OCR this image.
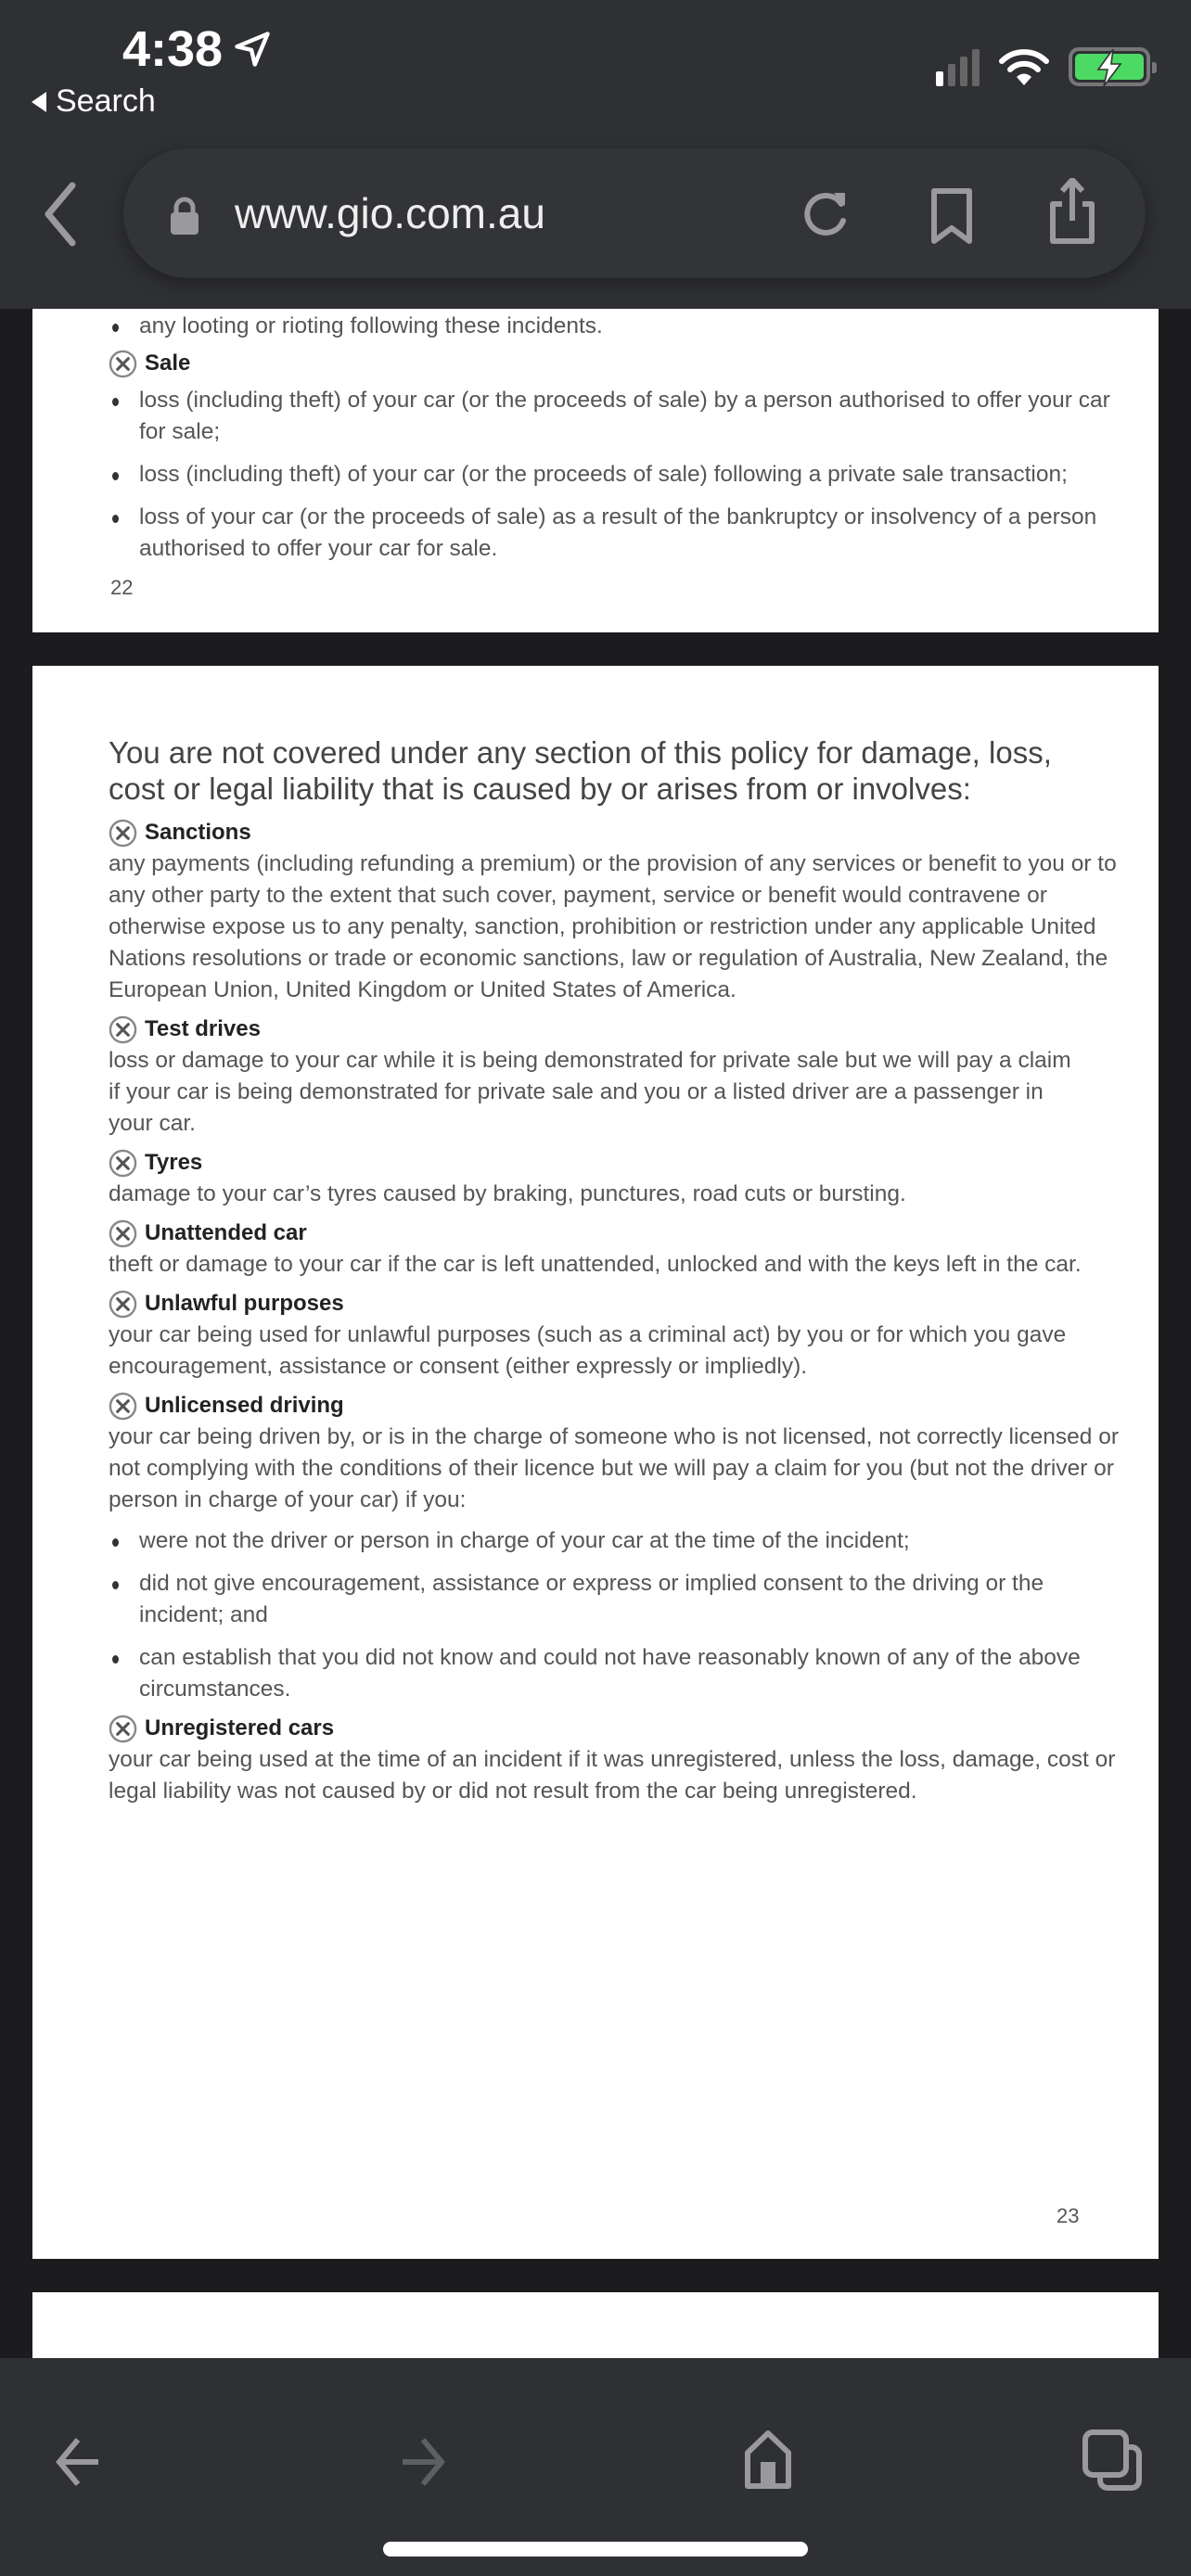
4:38
Search
www.gio.com.au
any looting or rioting following these incidents.
Sale
loss (including theft) of your car (or the proceeds of sale) by a person authorised to offer your car for sale;
loss (including theft) of your car (or the proceeds of sale) following a private sale transaction;
loss of your car (or the proceeds of sale) as a result of the bankruptcy or insolvency of a person authorised to offer your car for sale.
22
You are not covered under any section of this policy for damage, loss, cost or legal liability that is caused by or arises from or involves:
Sanctions

any payments (including refunding a premium) or the provision of any services or benefit to you or to any other party to the extent that such cover, payment, service or benefit would contravene or otherwise expose us to any penalty, sanction, prohibition or restriction under any applicable United Nations resolutions or trade or economic sanctions, law or regulation of Australia, New Zealand, the European Union, United Kingdom or United States of America.

Test drives

loss or damage to your car while it is being demonstrated for private sale but we will pay a claim if your car is being demonstrated for private sale and you or a listed driver are a passenger in your car.

Tyres

damage to your car’s tyres caused by braking, punctures, road cuts or bursting.

Unattended car

theft or damage to your car if the car is left unattended, unlocked and with the keys left in the car.

Unlawful purposes

your car being used for unlawful purposes (such as a criminal act) by you or for which you gave encouragement, assistance or consent (either expressly or impliedly).

Unlicensed driving

your car being driven by, or is in the charge of someone who is not licensed, not correctly licensed or not complying with the conditions of their licence but we will pay a claim for you (but not the driver or person in charge of your car) if you:

were not the driver or person in charge of your car at the time of the incident;
did not give encouragement, assistance or express or implied consent to the driving or the incident; and
can establish that you did not know and could not have reasonably known of any of the above circumstances.
Unregistered cars

your car being used at the time of an incident if it was unregistered, unless the loss, damage, cost or legal liability was not caused by or did not result from the car being unregistered.

23
